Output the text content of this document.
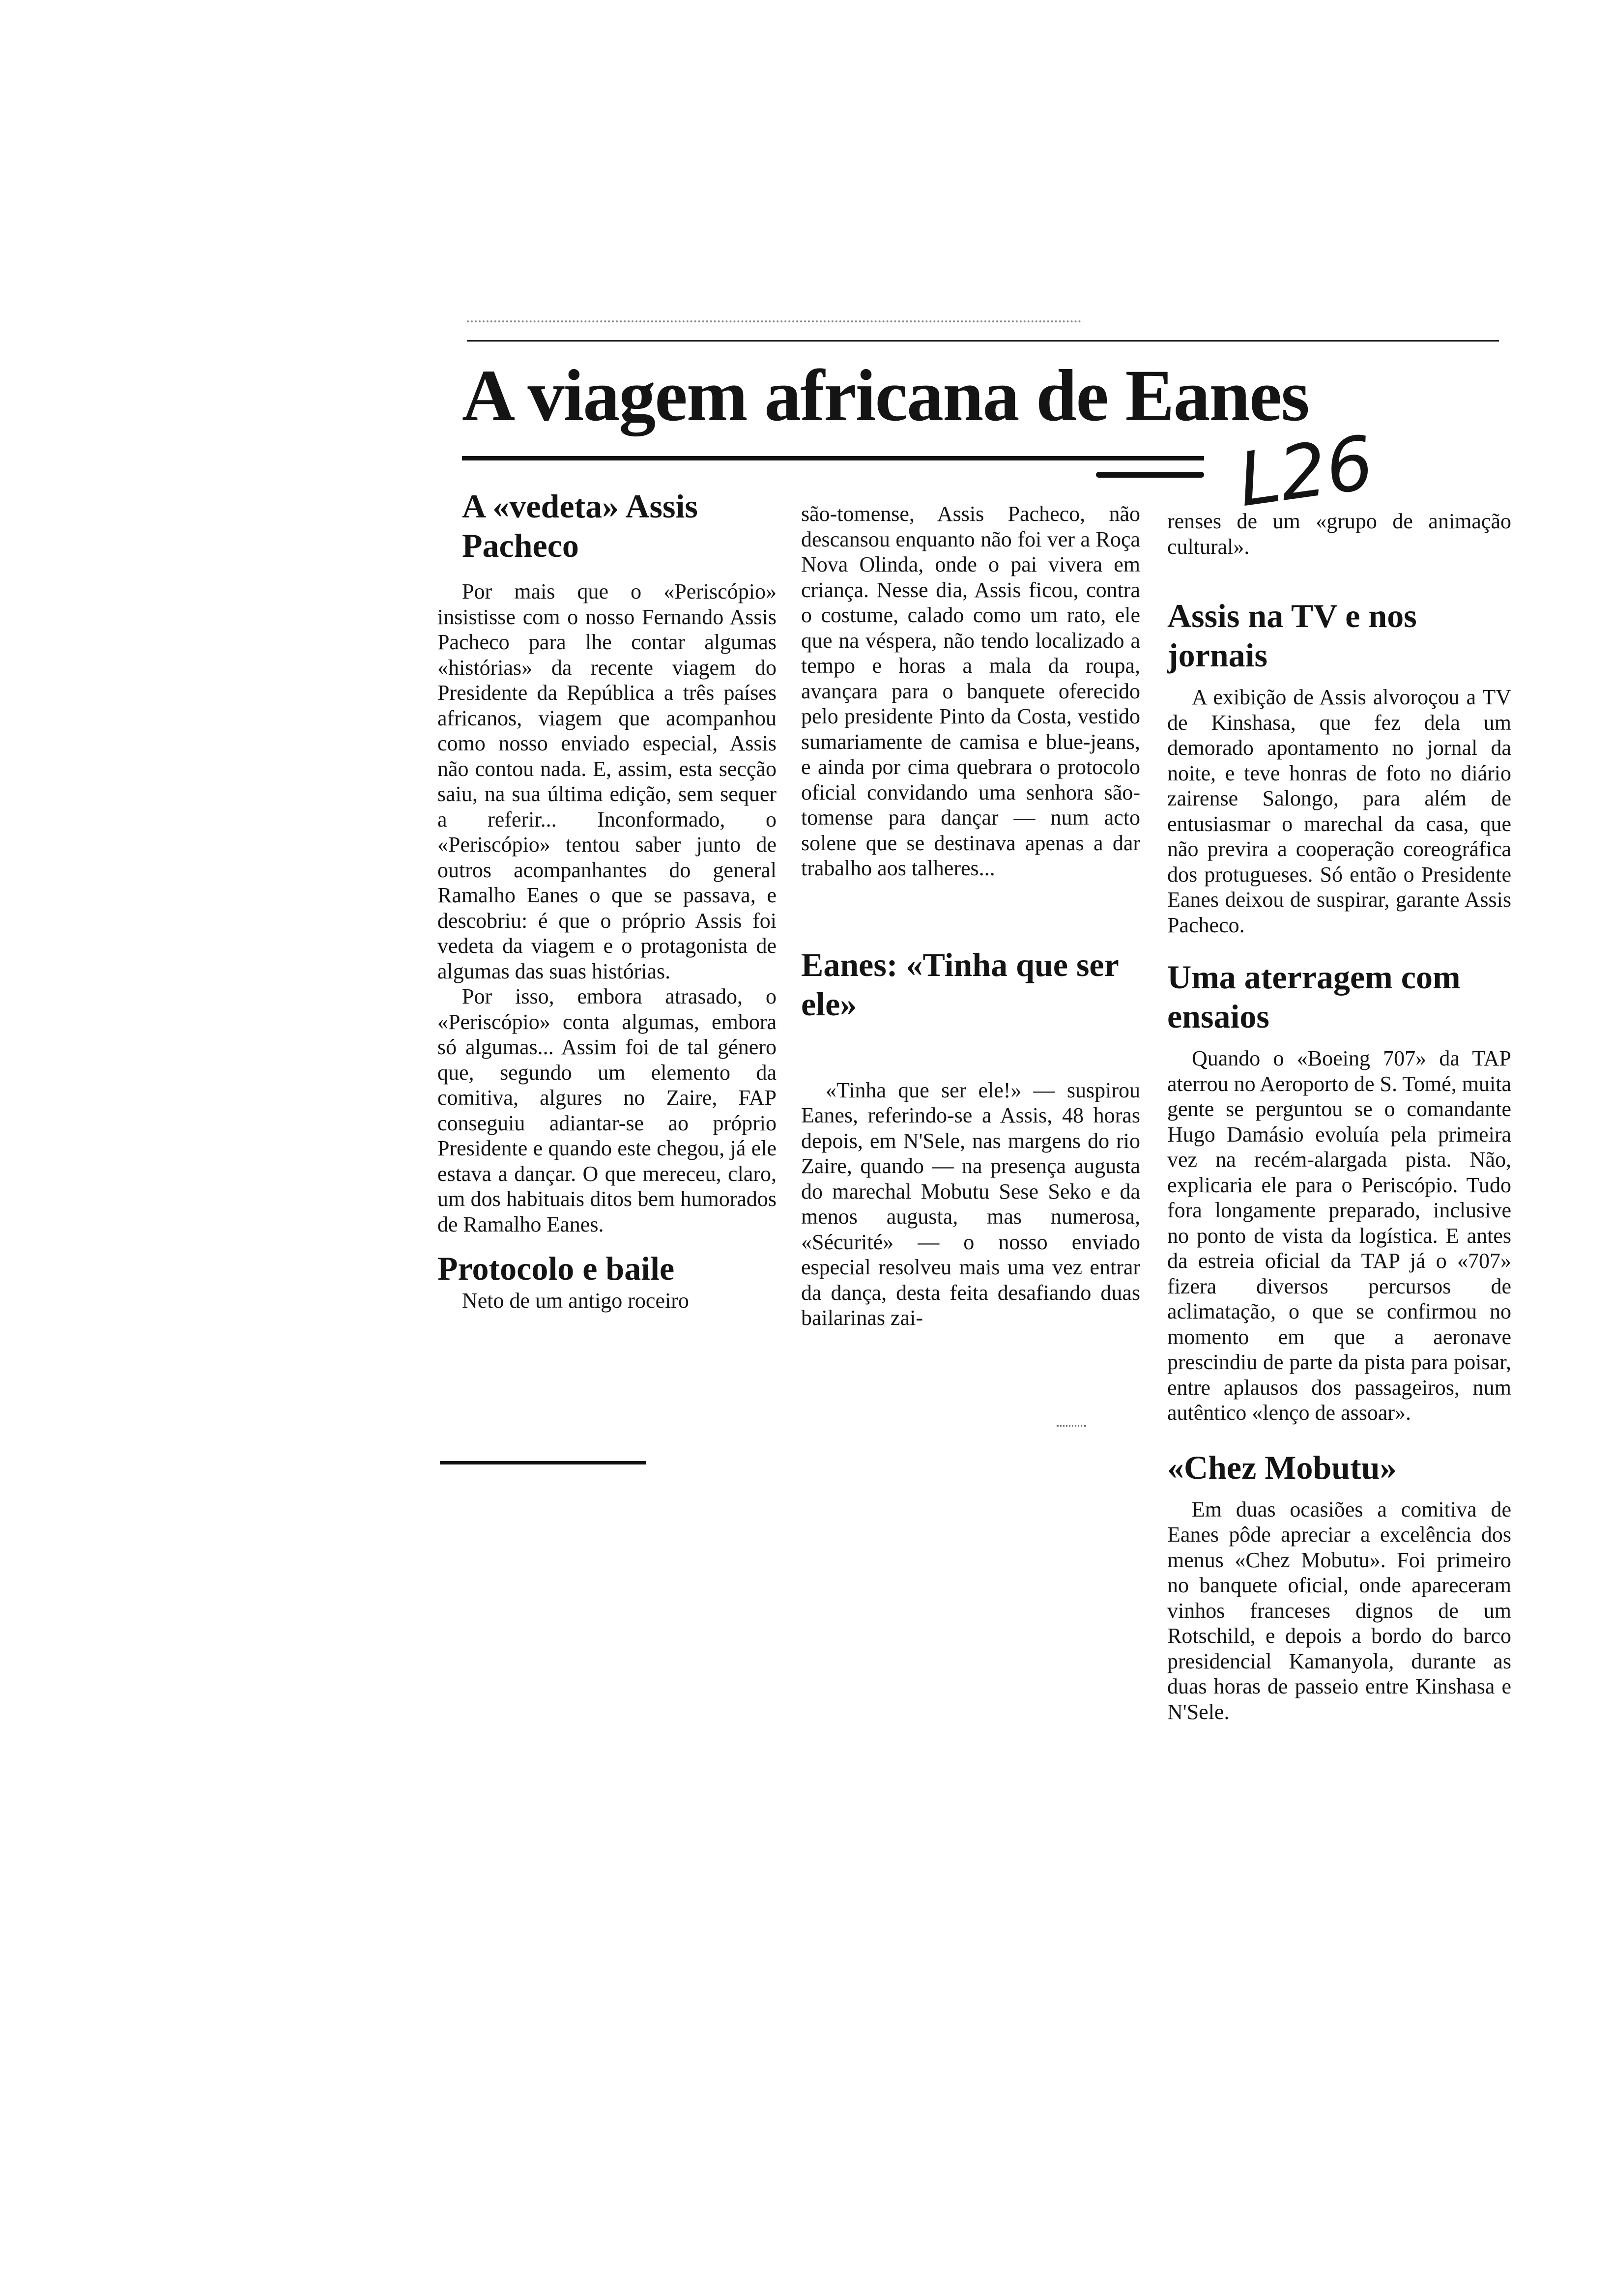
A viagem africana de Eanes
L26
A «vedeta» Assis Pacheco

Por mais que o «Periscópio» insistisse com o nosso Fernando Assis Pacheco para lhe contar algumas «histórias» da recente viagem do Presidente da República a três países africanos, viagem que acompanhou como nosso enviado especial, Assis não contou nada. E, assim, esta secção saiu, na sua última edição, sem sequer a referir... Inconformado, o «Periscópio» tentou saber junto de outros acompanhantes do general Ramalho Eanes o que se passava, e descobriu: é que o próprio Assis foi vedeta da viagem e o protagonista de algumas das suas histórias.

Por isso, embora atrasado, o «Periscópio» conta algumas, embora só algumas... Assim foi de tal género que, segundo um elemento da comitiva, algures no Zaire, FAP conseguiu adiantar-se ao próprio Presidente e quando este chegou, já ele estava a dançar. O que mereceu, claro, um dos habituais ditos bem humorados de Ramalho Eanes.

Protocolo e baile

Neto de um antigo roceiro

são-tomense, Assis Pacheco, não descansou enquanto não foi ver a Roça Nova Olinda, onde o pai vivera em criança. Nesse dia, Assis ficou, contra o costume, calado como um rato, ele que na véspera, não tendo localizado a tempo e horas a mala da roupa, avançara para o banquete oferecido pelo presidente Pinto da Costa, vestido sumariamente de camisa e blue-jeans, e ainda por cima quebrara o protocolo oficial convidando uma senhora são-tomense para dançar — num acto solene que se destinava apenas a dar trabalho aos talheres...

Eanes: «Tinha que ser ele»

«Tinha que ser ele!» — suspirou Eanes, referindo-se a Assis, 48 horas depois, em N'Sele, nas margens do rio Zaire, quando — na presença augusta do marechal Mobutu Sese Seko e da menos augusta, mas numerosa, «Sécurité» — o nosso enviado especial resolveu mais uma vez entrar da dança, desta feita desafiando duas bailarinas zai-

renses de um «grupo de animação cultural».

Assis na TV e nos jornais

A exibição de Assis alvoroçou a TV de Kinshasa, que fez dela um demorado apontamento no jornal da noite, e teve honras de foto no diário zairense Salongo, para além de entusiasmar o marechal da casa, que não previra a cooperação coreográfica dos protugueses. Só então o Presidente Eanes deixou de suspirar, garante Assis Pacheco.

Uma aterragem com ensaios

Quando o «Boeing 707» da TAP aterrou no Aeroporto de S. Tomé, muita gente se perguntou se o comandante Hugo Damásio evoluía pela primeira vez na recém-alargada pista. Não, explicaria ele para o Periscópio. Tudo fora longamente preparado, inclusive no ponto de vista da logística. E antes da estreia oficial da TAP já o «707» fizera diversos percursos de aclimatação, o que se confirmou no momento em que a aeronave prescindiu de parte da pista para poisar, entre aplausos dos passageiros, num autêntico «lenço de assoar».

«Chez Mobutu»

Em duas ocasiões a comitiva de Eanes pôde apreciar a excelência dos menus «Chez Mobutu». Foi primeiro no banquete oficial, onde apareceram vinhos franceses dignos de um Rotschild, e depois a bordo do barco presidencial Kamanyola, durante as duas horas de passeio entre Kinshasa e N'Sele.
